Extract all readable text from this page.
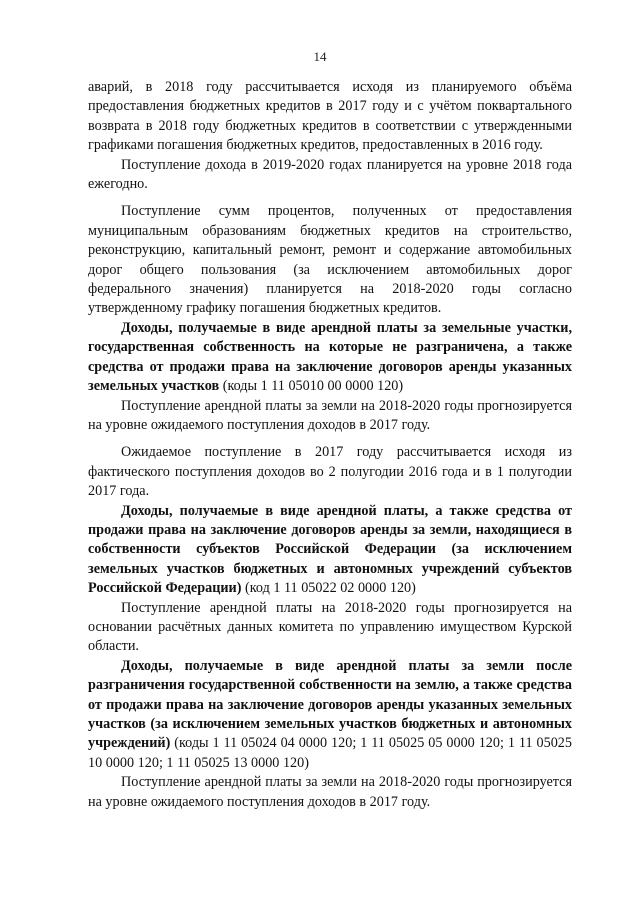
14

аварий, в 2018 году рассчитывается исходя из планируемого объёма предоставления бюджетных кредитов в 2017 году и с учётом поквартального возврата в 2018 году бюджетных кредитов в соответствии с утвержденными графиками погашения бюджетных кредитов, предоставленных в 2016 году.

Поступление дохода в 2019-2020 годах планируется на уровне 2018 года ежегодно.

Поступление сумм процентов, полученных от предоставления муниципальным образованиям бюджетных кредитов на строительство, реконструкцию, капитальный ремонт, ремонт и содержание автомобильных дорог общего пользования (за исключением автомобильных дорог федерального значения) планируется на 2018-2020 годы согласно утвержденному графику погашения бюджетных кредитов.

Доходы, получаемые в виде арендной платы за земельные участки, государственная собственность на которые не разграничена, а также средства от продажи права на заключение договоров аренды указанных земельных участков (коды 1 11 05010 00 0000 120)

Поступление арендной платы за земли на 2018-2020 годы прогнозируется на уровне ожидаемого поступления доходов в 2017 году.

Ожидаемое поступление в 2017 году рассчитывается исходя из фактического поступления доходов во 2 полугодии 2016 года и в 1 полугодии 2017 года.

Доходы, получаемые в виде арендной платы, а также средства от продажи права на заключение договоров аренды за земли, находящиеся в собственности субъектов Российской Федерации (за исключением земельных участков бюджетных и автономных учреждений субъектов Российской Федерации) (код 1 11 05022 02 0000 120)

Поступление арендной платы на 2018-2020 годы прогнозируется на основании расчётных данных комитета по управлению имуществом Курской области.

Доходы, получаемые в виде арендной платы за земли после разграничения государственной собственности на землю, а также средства от продажи права на заключение договоров аренды указанных земельных участков (за исключением земельных участков бюджетных и автономных учреждений) (коды 1 11 05024 04 0000 120; 1 11 05025 05 0000 120; 1 11 05025 10 0000 120; 1 11 05025 13 0000 120)

Поступление арендной платы за земли на 2018-2020 годы прогнозируется на уровне ожидаемого поступления доходов в 2017 году.
